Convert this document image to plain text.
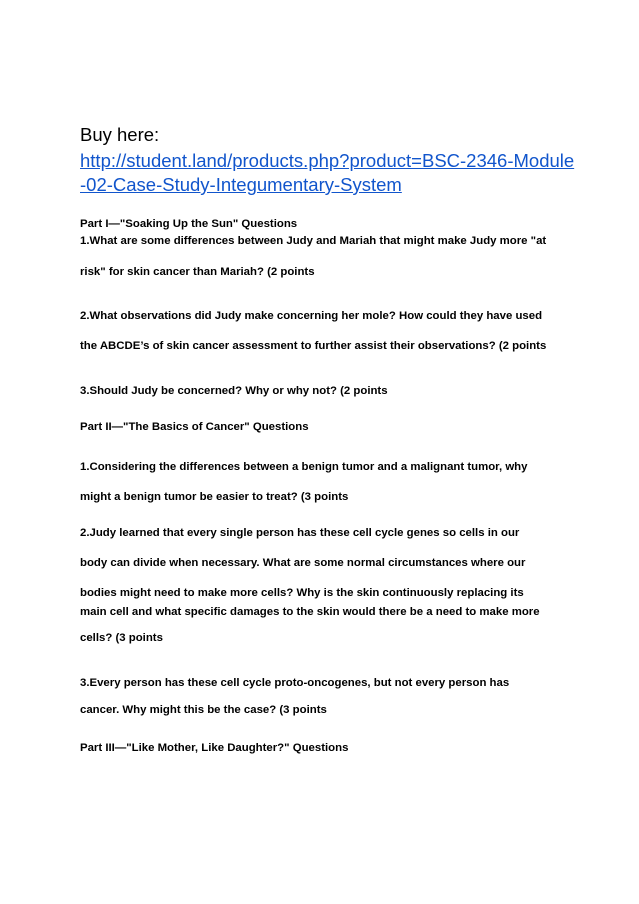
Buy here:

http://student.land/products.php?product=BSC-2346-Module-02-Case-Study-Integumentary-System

Part I—"Soaking Up the Sun" Questions

1.What are some differences between Judy and Mariah that might make Judy more "at

risk" for skin cancer than Mariah? (2 points

2.What observations did Judy make concerning her mole? How could they have used

the ABCDE’s of skin cancer assessment to further assist their observations? (2 points

3.Should Judy be concerned? Why or why not? (2 points

Part II—"The Basics of Cancer" Questions

1.Considering the differences between a benign tumor and a malignant tumor, why

might a benign tumor be easier to treat? (3 points

2.Judy learned that every single person has these cell cycle genes so cells in our

body can divide when necessary. What are some normal circumstances where our

bodies might need to make more cells? Why is the skin continuously replacing its

main cell and what specific damages to the skin would there be a need to make more

cells? (3 points

3.Every person has these cell cycle proto-oncogenes, but not every person has

cancer. Why might this be the case? (3 points

Part III—"Like Mother, Like Daughter?" Questions
